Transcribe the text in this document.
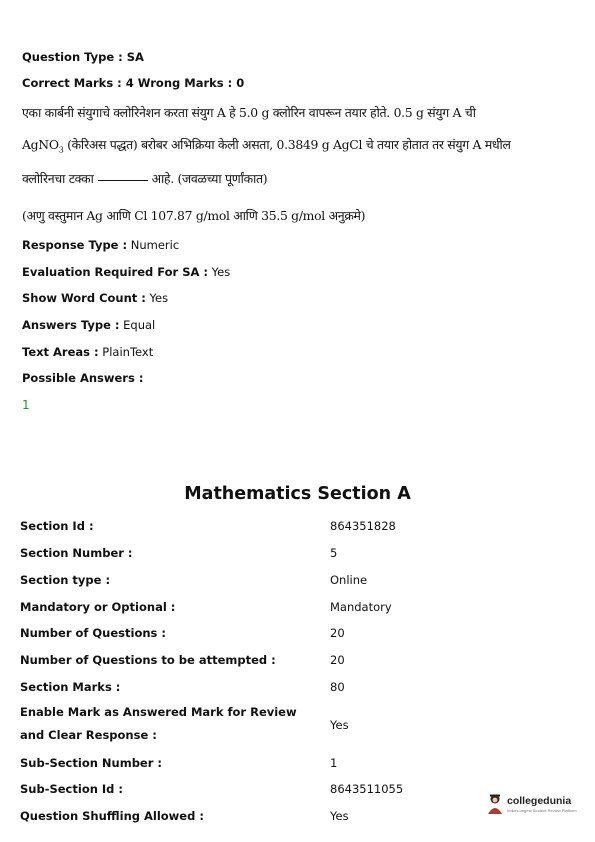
Question Type : SA
Correct Marks : 4 Wrong Marks : 0
एका कार्बनी संयुगाचे क्लोरिनेशन करता संयुग A हे 5.0 g क्लोरिन वापरून तयार होते. 0.5 g संयुग A ची
AgNO$_3$ (केरिअस पद्धत) बरोबर अभिक्रिया केली असता, 0.3849 g AgCl चे तयार होतात तर संयुग A मधील
क्लोरिनचा टक्का	आहे. (जवळच्या पूर्णांकात)
(अणु वस्तुमान Ag आणि Cl 107.87 g/mol आणि 35.5 g/mol अनुक्रमे)
Response Type : Numeric
Evaluation Required For SA : Yes
Show Word Count : Yes
Answers Type : Equal
Text Areas : PlainText
Possible Answers :
1
Mathematics Section A
Section Id :	864351828
Section Number :	5
Section type :	Online
Mandatory or Optional :	Mandatory
Number of Questions :	20
Number of Questions to be attempted :	20
Section Marks :	80
Enable Mark as Answered Mark for Review and Clear Response :
Yes
Sub-Section Number :	1
Sub-Section Id :	8643511055
Question Shuffling Allowed :	Yes
collegedunia
India's largest Student Review Platform
